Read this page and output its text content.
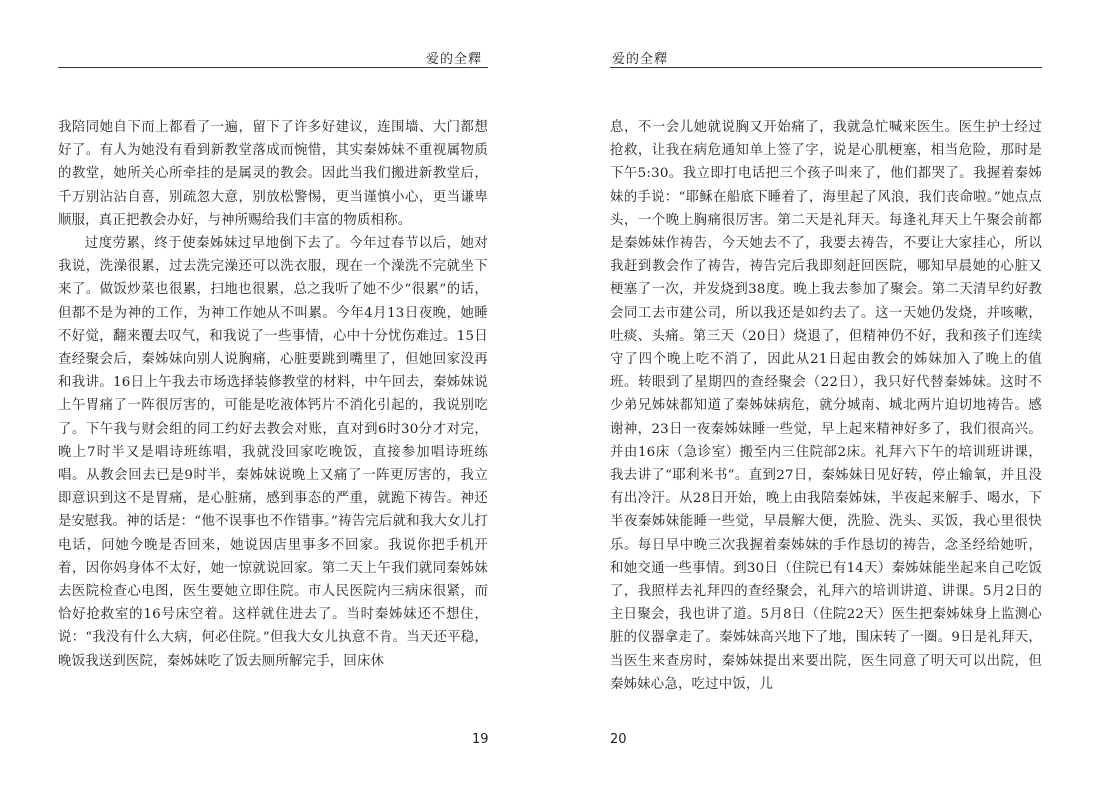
爱的全釋

我陪同她自下而上都看了一遍，留下了许多好建议，连围墙、大门都想好了。有人为她没有看到新教堂落成而惋惜，其实秦姊妹不重视属物质的教堂，她所关心所牵挂的是属灵的教会。因此当我们搬进新教堂后，千万别沾沾自喜，别疏忽大意，别放松警惕，更当谨慎小心，更当谦卑顺服，真正把教会办好，与神所赐给我们丰富的物质相称。

过度劳累，终于使秦姊妹过早地倒下去了。今年过春节以后，她对我说，洗澡很累，过去洗完澡还可以洗衣服，现在一个澡洗不完就坐下来了。做饭炒菜也很累，扫地也很累，总之我听了她不少“很累”的话，但都不是为神的工作，为神工作她从不叫累。今年4月13日夜晚，她睡不好觉，翻来覆去叹气，和我说了一些事情，心中十分忧伤难过。15日查经聚会后，秦姊妹向别人说胸痛，心脏要跳到嘴里了，但她回家没再和我讲。16日上午我去市场选择装修教堂的材料，中午回去，秦姊妹说上午胃痛了一阵很厉害的，可能是吃液体钙片不消化引起的，我说别吃了。下午我与财会组的同工约好去教会对账，直对到6时30分才对完，晚上7时半又是唱诗班练唱，我就没回家吃晚饭，直接参加唱诗班练唱。从教会回去已是9时半，秦姊妹说晚上又痛了一阵更厉害的，我立即意识到这不是胃痛，是心脏痛，感到事态的严重，就跪下祷告。神还是安慰我。神的话是：“他不误事也不作错事。”祷告完后就和我大女儿打电话，问她今晚是否回来，她说因店里事多不回家。我说你把手机开着，因你妈身体不太好，她一惊就说回家。第二天上午我们就同秦姊妹去医院检查心电图，医生要她立即住院。市人民医院内三病床很紧，而恰好抢救室的16号床空着。这样就住进去了。当时秦姊妹还不想住，说：“我没有什么大病，何必住院。”但我大女儿执意不肯。当天还平稳，晚饭我送到医院，秦姊妹吃了饭去厕所解完手，回床休

19
爱的全釋

息，不一会儿她就说胸又开始痛了，我就急忙喊来医生。医生护士经过抢救，让我在病危通知单上签了字，说是心肌梗塞，相当危险，那时是下午5:30。我立即打电话把三个孩子叫来了，他们都哭了。我握着秦姊妹的手说：“耶稣在船底下睡着了，海里起了风浪，我们丧命啦。”她点点头，一个晚上胸痛很厉害。第二天是礼拜天。每逢礼拜天上午聚会前都是秦姊妹作祷告，今天她去不了，我要去祷告，不要让大家挂心，所以我赶到教会作了祷告，祷告完后我即刻赶回医院，哪知早晨她的心脏又梗塞了一次，并发烧到38度。晚上我去参加了聚会。第二天清早约好教会同工去市建公司，所以我还是如约去了。这一天她仍发烧，并咳嗽，吐痰、头痛。第三天（20日）烧退了，但精神仍不好，我和孩子们连续守了四个晚上吃不消了，因此从21日起由教会的姊妹加入了晚上的值班。转眼到了星期四的查经聚会（22日），我只好代替秦姊妹。这时不少弟兄姊妹都知道了秦姊妹病危，就分城南、城北两片迫切地祷告。感谢神，23日一夜秦姊妹睡一些觉，早上起来精神好多了，我们很高兴。并由16床（急诊室）搬至内三住院部2床。礼拜六下午的培训班讲课，我去讲了“耶利米书”。直到27日，秦姊妹日见好转，停止输氧，并且没有出冷汗。从28日开始，晚上由我陪秦姊妹，半夜起来解手、喝水，下半夜秦姊妹能睡一些觉，早晨解大便，洗脸、洗头、买饭，我心里很快乐。每日早中晚三次我握着秦姊妹的手作恳切的祷告，念圣经给她听，和她交通一些事情。到30日（住院已有14天）秦姊妹能坐起来自己吃饭了，我照样去礼拜四的查经聚会，礼拜六的培训讲道、讲课。5月2日的主日聚会，我也讲了道。5月8日（住院22天）医生把秦姊妹身上监测心脏的仪器拿走了。秦姊妹高兴地下了地，围床转了一圈。9日是礼拜天，当医生来查房时，秦姊妹提出来要出院，医生同意了明天可以出院，但秦姊妹心急，吃过中饭，儿

20
